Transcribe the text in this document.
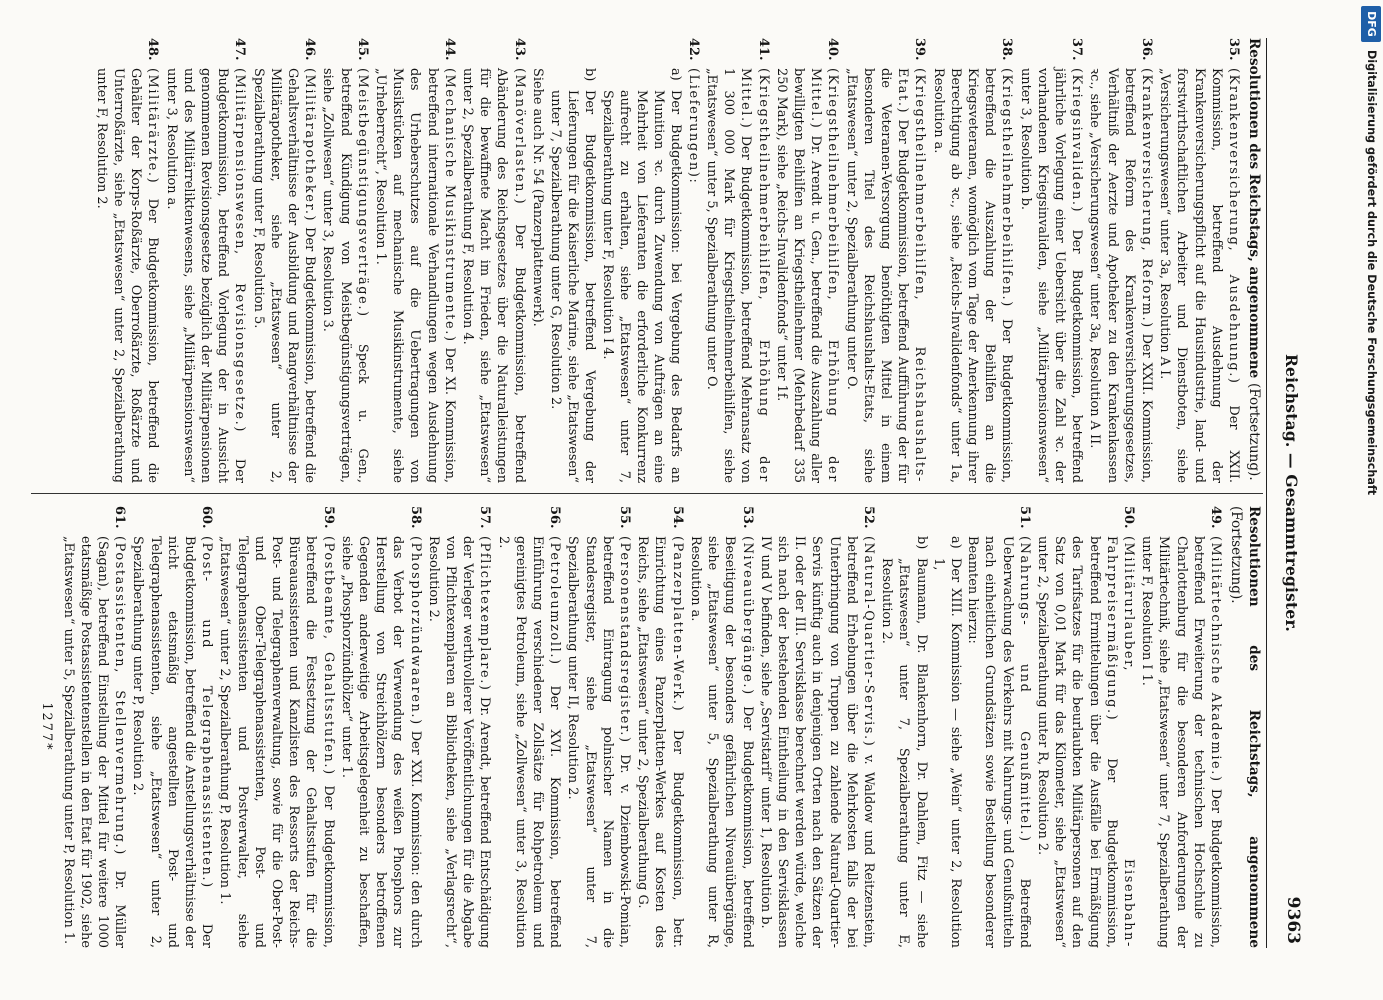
Reichstag. — Gesammtregister.
9363
Resolutionen des Reichstags, angenommene (Fortsetzung).
35.
(Krankenversicherung, Ausdehnung.) Der XXII. Kommission, betreffend Ausdehnung der Krankenversicherungspflicht auf die Hausindustrie, land- und forstwirthschaftlichen Arbeiter und Dienstboten, siehe „Versicherungswesen“ unter 3a, Resolution A I.
36.
(Krankenversicherung, Reform.) Der XXII. Kommission, betreffend Reform des Krankenversicherungsgesetzes, Verhältniß der Aerzte und Apotheker zu den Krankenkassen ꝛc., siehe „Versicherungswesen“ unter 3a, Resolution A II.
37.
(Kriegsinvaliden.) Der Budgetkommission, betreffend jährliche Vorlegung einer Uebersicht über die Zahl ꝛc. der vorhandenen Kriegsinvaliden, siehe „Militärpensionswesen“ unter 3, Resolution b.
38.
(Kriegstheilnehmerbeihilfen.) Der Budgetkommission, betreffend die Auszahlung der Beihilfen an die Kriegsveteranen, womöglich vom Tage der Anerkennung ihrer Berechtigung ab ꝛc., siehe „Reichs-Invalidenfonds“ unter 1a, Resolution a.
39.
(Kriegstheilnehmerbeihilfen, Reichshaushalts-Etat.) Der Budgetkommission, betreffend Aufführung der für die Veteranen-Versorgung benöthigten Mittel in einem besonderen Titel des Reichshaushalts-Etats, siehe „Etatswesen“ unter 2, Spezialberathung unter O.
40.
(Kriegstheilnehmerbeihilfen, Erhöhung der Mittel.) Dr. Arendt u. Gen., betreffend die Auszahlung aller bewilligten Beihilfen an Kriegstheilnehmer (Mehrbedarf 335 250 Mark), siehe „Reichs-Invalidenfonds“ unter 1f.
41.
(Kriegstheilnehmerbeihilfen, Erhöhung der Mittel.) Der Budgetkommission, betreffend Mehransatz von 1 300 000 Mark für Kriegstheilnehmerbeihilfen, siehe „Etatswesen“ unter 5, Spezialberathung unter O.
42.
(Lieferungen):
a)
Der Budgetkommission: bei Vergebung des Bedarfs an Munition ꝛc. durch Zuwendung von Aufträgen an eine Mehrheit von Lieferanten die erforderliche Konkurrenz aufrecht zu erhalten, siehe „Etatswesen“ unter 7, Spezialberathung unter F, Resolution I 4.
b)
Der Budgetkommission, betreffend Vergebung der Lieferungen für die Kaiserliche Marine, siehe „Etatswesen“ unter 7, Spezialberathung unter G, Resolution 2.
Siehe auch Nr. 54 (Panzerplattenwerk).
43.
(Manöverlasten.) Der Budgetkommission, betreffend Abänderung des Reichsgesetzes über die Naturalleistungen für die bewaffnete Macht im Frieden, siehe „Etatswesen“ unter 2, Spezialberathung F, Resolution 4.
44.
(Mechanische Musikinstrumente.) Der XI. Kommission, betreffend internationale Verhandlungen wegen Ausdehnung des Urheberschutzes auf die Uebertragungen von Musikstücken auf mechanische Musikinstrumente, siehe „Urheberrecht“, Resolution 1.
45.
(Meistbegünstigungsverträge.) Speck u. Gen., betreffend Kündigung von Meistbegünstigungsverträgen, siehe „Zollwesen“ unter 3, Resolution 3.
46.
(Militärapotheker.) Der Budgetkommission, betreffend die Gehaltsverhältnisse der Ausbildung und Rangverhältnisse der Militärapotheker, siehe „Etatswesen“ unter 2, Spezialberathung unter F, Resolution 5.
47.
(Militärpensionswesen, Revisionsgesetze.) Der Budgetkommission, betreffend Vorlegung der in Aussicht genommenen Revisionsgesetze bezüglich der Militärpensionen und des Militärreliktenwesens, siehe „Militärpensionswesen“ unter 3, Resolution a.
48.
(Militärärzte.) Der Budgetkommission, betreffend die Gehälter der Korps-Roßärzte, Oberroßärzte, Roßärzte und Unterroßärzte, siehe „Etatswesen“ unter 2, Spezialberathung unter F, Resolution 2.
Resolutionen des Reichstags, angenommene (Fortsetzung).
49.
(Militärtechnische Akademie.) Der Budgetkommission, betreffend Erweiterung der technischen Hochschule zu Charlottenburg für die besonderen Anforderungen der Militärtechnik, siehe „Etatswesen“ unter 7, Spezialberathung unter F, Resolution I 1.
50.
(Militärurlauber, Eisenbahn-Fahrpreisermäßigung.) Der Budgetkommission, betreffend Ermittelungen über die Ausfälle bei Ermäßigung des Tarifsatzes für die beurlaubten Militärpersonen auf den Satz von 0,01 Mark für das Kilometer, siehe „Etatswesen“ unter 2, Spezialberathung unter R, Resolution 2.
51.
(Nahrungs- und Genußmittel.) Betreffend Ueberwachung des Verkehrs mit Nahrungs- und Genußmitteln nach einheitlichen Grundsätzen sowie Bestellung besonderer Beamten hierzu:
a)
Der XIII. Kommission — siehe „Wein“ unter 2, Resolution 1,
b)
Baumann, Dr. Blankenhorn, Dr. Dahlem, Fitz — siehe „Etatswesen“ unter 7, Spezialberathung unter E, Resolution 2.
52.
(Natural-Quartier-Servis.) v. Waldow und Reitzenstein, betreffend Erhebungen über die Mehrkosten falls der bei Unterbringung von Truppen zu zahlende Natural-Quartier-Servis künftig auch in denjenigen Orten nach den Sätzen der II. oder der III. Servisklasse berechnet werden würde, welche sich nach der bestehenden Eintheilung in den Servisklassen IV und V befinden, siehe „Servistarif“ unter 1, Resolution b.
53.
(Niveauübergänge.) Der Budgetkommission, betreffend Beseitigung der besonders gefährlichen Niveauübergänge, siehe „Etatswesen“ unter 5, Spezialberathung unter R, Resolution a.
54.
(Panzerplatten-Werk.) Der Budgetkommission, betr. Einrichtung eines Panzerplatten-Werkes auf Kosten des Reichs, siehe „Etatswesen“ unter 2, Spezialberathung G.
55.
(Personenstandsregister.) Dr. v. Dziembowski-Pomian, betreffend Eintragung polnischer Namen in die Standesregister, siehe „Etatswesen“ unter 7, Spezialberathung unter II, Resolution 2.
56.
(Petroleumzoll.) Der XVI. Kommission, betreffend Einführung verschiedener Zollsätze für Rohpetroleum und gereinigtes Petroleum, siehe „Zollwesen“ unter 3, Resolution 2.
57.
(Pflichtexemplare.) Dr. Arendt, betreffend Entschädigung der Verleger werthvollerer Veröffentlichungen für die Abgabe von Pflichtexemplaren an Bibliotheken, siehe „Verlagsrecht“, Resolution 2.
58.
(Phosphorzündwaaren.) Der XXI. Kommission: den durch das Verbot der Verwendung des weißen Phosphors zur Herstellung von Streichhölzern besonders betroffenen Gegenden anderweitige Arbeitsgelegenheit zu beschaffen, siehe „Phosphorzündhölzer“ unter 1.
59.
(Postbeamte, Gehaltsstufen.) Der Budgetkommission, betreffend die Festsetzung der Gehaltsstufen für die Büreauassistenten und Kanzlisten des Ressorts der Reichs-Post- und Telegraphenverwaltung, sowie für die Ober-Post- und Ober-Telegraphenassistenten, Post- und Telegraphenassistenten und Postverwalter, siehe „Etatswesen“ unter 2, Spezialberathung P, Resolution 1.
60.
(Post- und Telegraphenassistenten.) Der Budgetkommission, betreffend die Anstellungsverhältnisse der nicht etatsmäßig angestellten Post- und Telegraphenassistenten, siehe „Etatswesen“ unter 2, Spezialberathung unter P, Resolution 2.
61.
(Postassistenten, Stellenvermehrung.) Dr. Müller (Sagan), betreffend Einstellung der Mittel für weitere 1000 etatsmäßige Postassistentenstellen in den Etat für 1902, siehe „Etatswesen“ unter 5, Spezialberathung unter P, Resolution 1.
1277*
DFG
Digitalisierung gefördert durch die Deutsche Forschungsgemeinschaft
